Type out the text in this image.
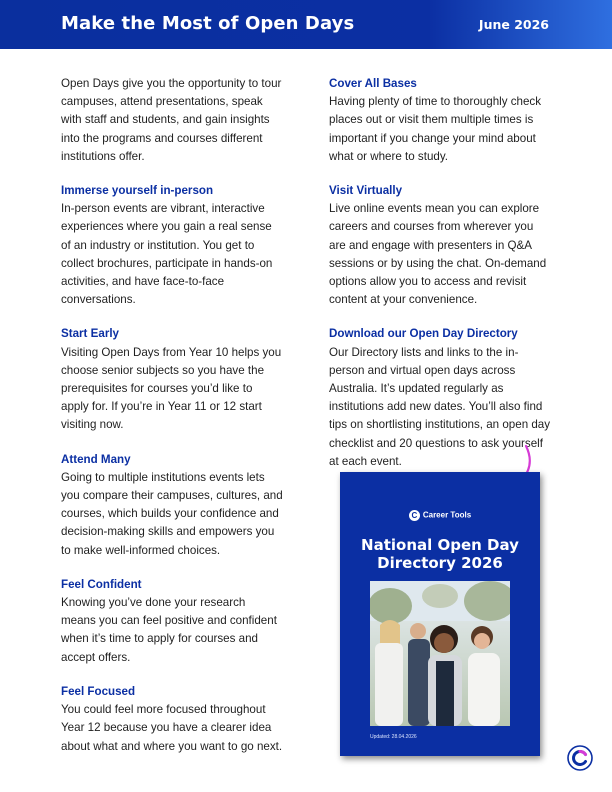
Make the Most of Open Days	June 2026

Open Days give you the opportunity to tour campuses, attend presentations, speak with staff and students, and gain insights into the programs and courses different institutions offer.

Immerse yourself in-person

In-person events are vibrant, interactive experiences where you gain a real sense of an industry or institution. You get to collect brochures, participate in hands-on activities, and have face-to-face conversations.

Start Early

Visiting Open Days from Year 10 helps you choose senior subjects so you have the prerequisites for courses you’d like to apply for. If you’re in Year 11 or 12 start visiting now.

Attend Many

Going to multiple institutions events lets you compare their campuses, cultures, and courses, which builds your confidence and decision-making skills and empowers you to make well-informed choices.

Feel Confident

Knowing you’ve done your research means you can feel positive and confident when it’s time to apply for courses and accept offers.

Feel Focused

You could feel more focused throughout Year 12 because you have a clearer idea about what and where you want to go next.

Cover All Bases

Having plenty of time to thoroughly check places out or visit them multiple times is important if you change your mind about what or where to study.

Visit Virtually

Live online events mean you can explore careers and courses from wherever you are and engage with presenters in Q&A sessions or by using the chat. On-demand options allow you to access and revisit content at your convenience.

Download our Open Day Directory

Our Directory lists and links to the in-person and virtual open days across Australia. It’s updated regularly as institutions add new dates. You’ll also find tips on shortlisting institutions, an open day checklist and 20 questions to ask yourself at each event.

C Career Tools
National Open Day Directory 2026
Updated: 28.04.2026
